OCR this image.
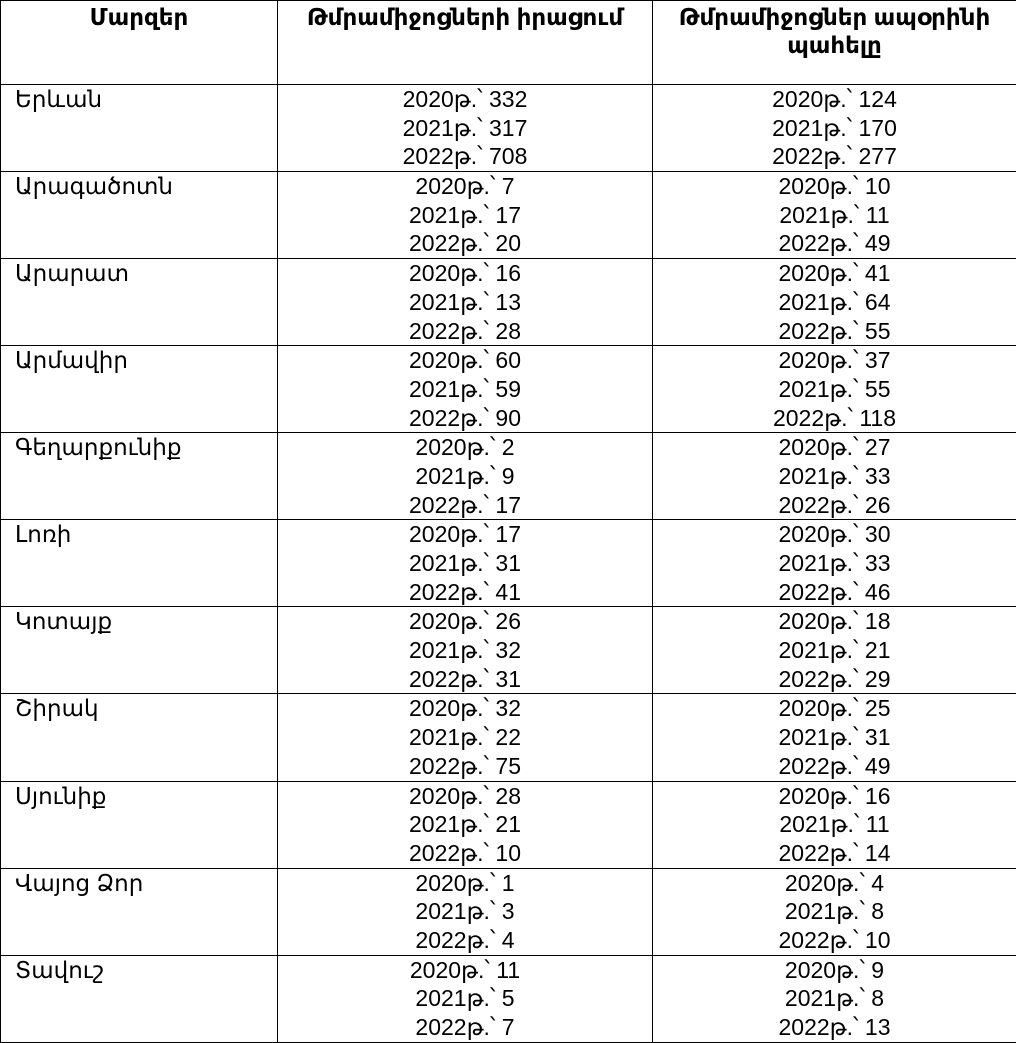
Մարզեր	Թմրամիջոցների իրացում	Թմրամիջոցներ ապօրինի պահելը
Երևան	2020թ.՝ 332
2021թ.՝ 317
2022թ.՝ 708	2020թ.՝ 124
2021թ.՝ 170
2022թ.՝ 277

Արագածոտն	2020թ.՝ 7
2021թ.՝ 17
2022թ.՝ 20	2020թ.՝ 10
2021թ.՝ 11
2022թ.՝ 49

Արարատ	2020թ.՝ 16
2021թ.՝ 13
2022թ.՝ 28	2020թ.՝ 41
2021թ.՝ 64
2022թ.՝ 55

Արմավիր	2020թ.՝ 60
2021թ.՝ 59
2022թ.՝ 90	2020թ.՝ 37
2021թ.՝ 55
2022թ.՝ 118

Գեղարքունիք	2020թ.՝ 2
2021թ.՝ 9
2022թ.՝ 17	2020թ.՝ 27
2021թ.՝ 33
2022թ.՝ 26

Լոռի	2020թ.՝ 17
2021թ.՝ 31
2022թ.՝ 41	2020թ.՝ 30
2021թ.՝ 33
2022թ.՝ 46

Կոտայք	2020թ.՝ 26
2021թ.՝ 32
2022թ.՝ 31	2020թ.՝ 18
2021թ.՝ 21
2022թ.՝ 29

Շիրակ	2020թ.՝ 32
2021թ.՝ 22
2022թ.՝ 75	2020թ.՝ 25
2021թ.՝ 31
2022թ.՝ 49

Սյունիք	2020թ.՝ 28
2021թ.՝ 21
2022թ.՝ 10	2020թ.՝ 16
2021թ.՝ 11
2022թ.՝ 14

Վայոց Ձոր	2020թ.՝ 1
2021թ.՝ 3
2022թ.՝ 4	2020թ.՝ 4
2021թ.՝ 8
2022թ.՝ 10

Տավուշ	2020թ.՝ 11
2021թ.՝ 5
2022թ.՝ 7	2020թ.՝ 9
2021թ.՝ 8
2022թ.՝ 13
